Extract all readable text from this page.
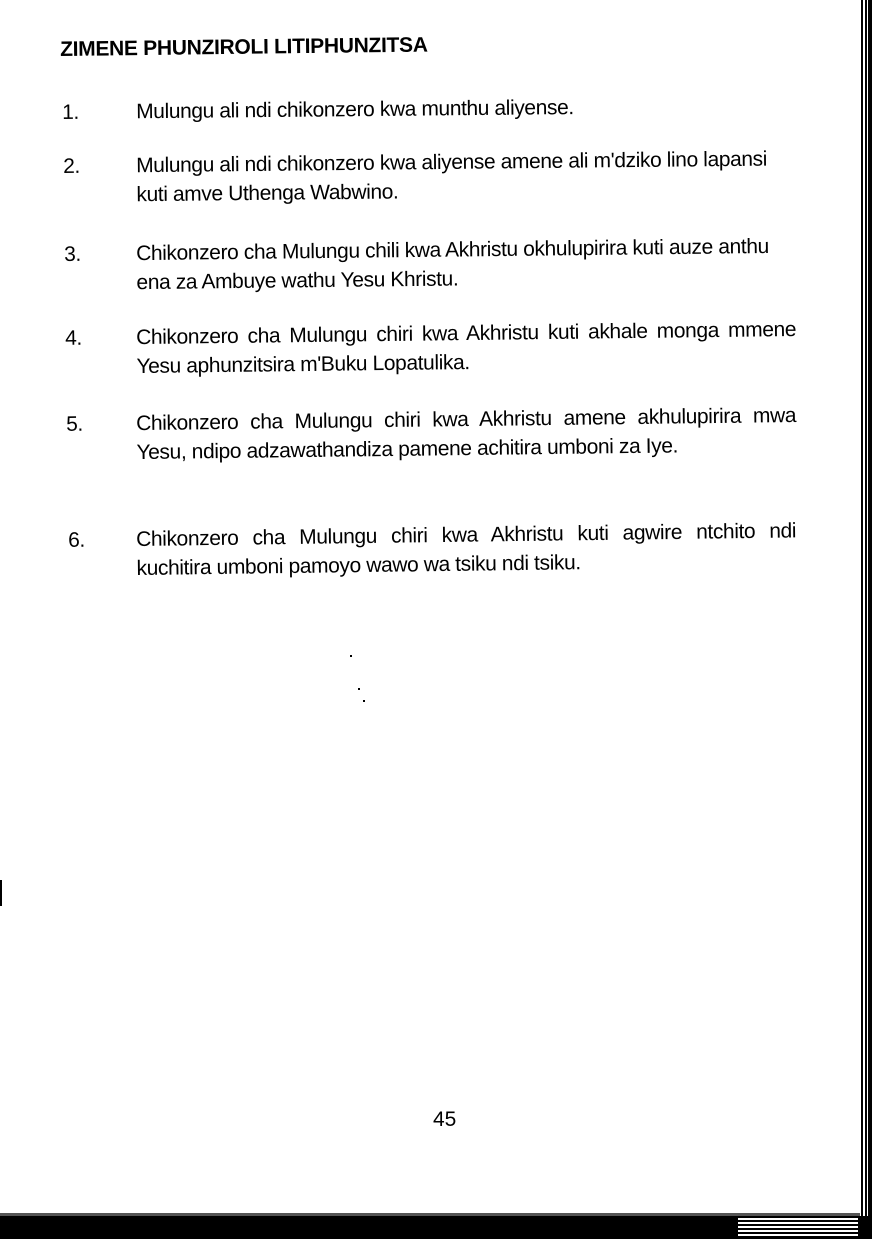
ZIMENE PHUNZIROLI LITIPHUNZITSA
1.	Mulungu ali ndi chikonzero kwa munthu aliyense.
2.	Mulungu ali ndi chikonzero kwa aliyense amene ali m'dziko lino lapansi kuti amve Uthenga Wabwino.
3.	Chikonzero cha Mulungu chili kwa Akhristu okhulupirira kuti auze anthu ena za Ambuye wathu Yesu Khristu.
4.	Chikonzero cha Mulungu chiri kwa Akhristu kuti akhale monga mmene Yesu aphunzitsira m'Buku Lopatulika.
5.	Chikonzero cha Mulungu chiri kwa Akhristu amene akhulupirira mwa Yesu, ndipo adzawathandiza pamene achitira umboni za Iye.
6.	Chikonzero cha Mulungu chiri kwa Akhristu kuti agwire ntchito ndi kuchitira umboni pamoyo wawo wa tsiku ndi tsiku.
45
